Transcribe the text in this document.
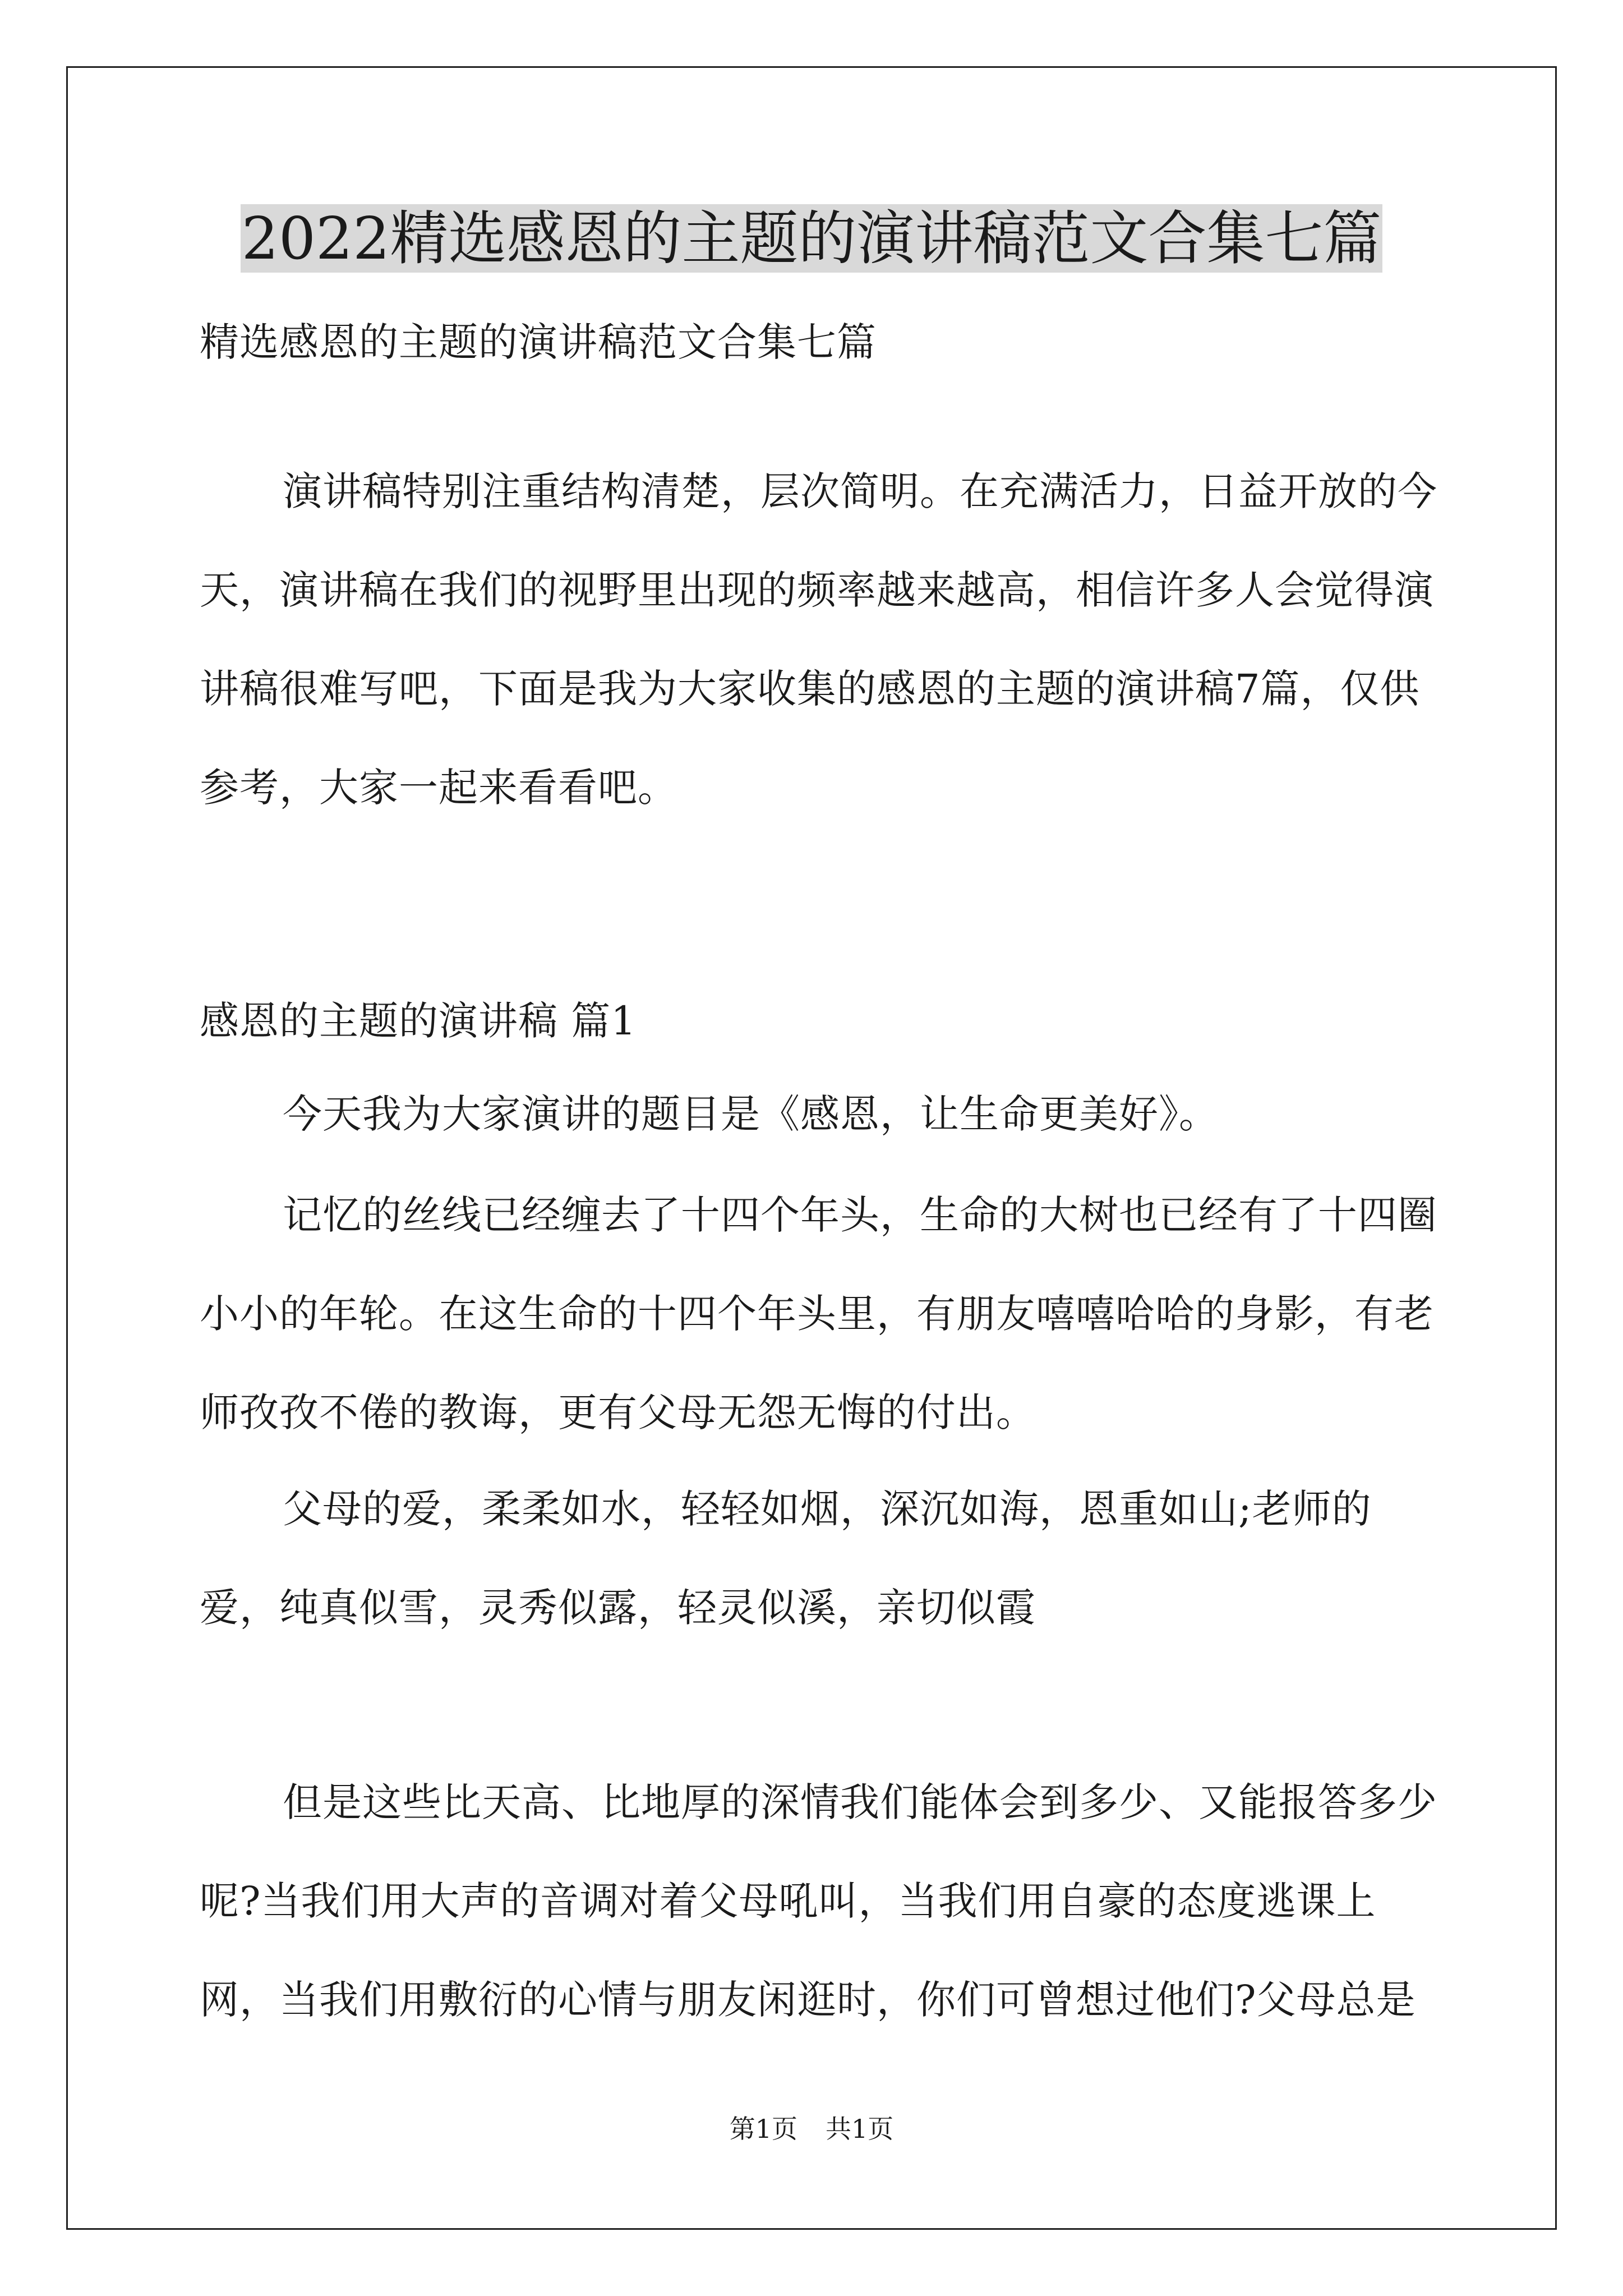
2022精选感恩的主题的演讲稿范文合集七篇

精选感恩的主题的演讲稿范文合集七篇

演讲稿特别注重结构清楚，层次简明。在充满活力，日益开放的今天，演讲稿在我们的视野里出现的频率越来越高，相信许多人会觉得演讲稿很难写吧，下面是我为大家收集的感恩的主题的演讲稿7篇，仅供参考，大家一起来看看吧。

感恩的主题的演讲稿 篇1

今天我为大家演讲的题目是《感恩，让生命更美好》。

记忆的丝线已经缠去了十四个年头，生命的大树也已经有了十四圈小小的年轮。在这生命的十四个年头里，有朋友嘻嘻哈哈的身影，有老师孜孜不倦的教诲，更有父母无怨无悔的付出。

父母的爱，柔柔如水，轻轻如烟，深沉如海，恩重如山;老师的爱，纯真似雪，灵秀似露，轻灵似溪，亲切似霞

但是这些比天高、比地厚的深情我们能体会到多少、又能报答多少呢?当我们用大声的音调对着父母吼叫，当我们用自豪的态度逃课上网，当我们用敷衍的心情与朋友闲逛时，你们可曾想过他们?父母总是

第1页 共1页
